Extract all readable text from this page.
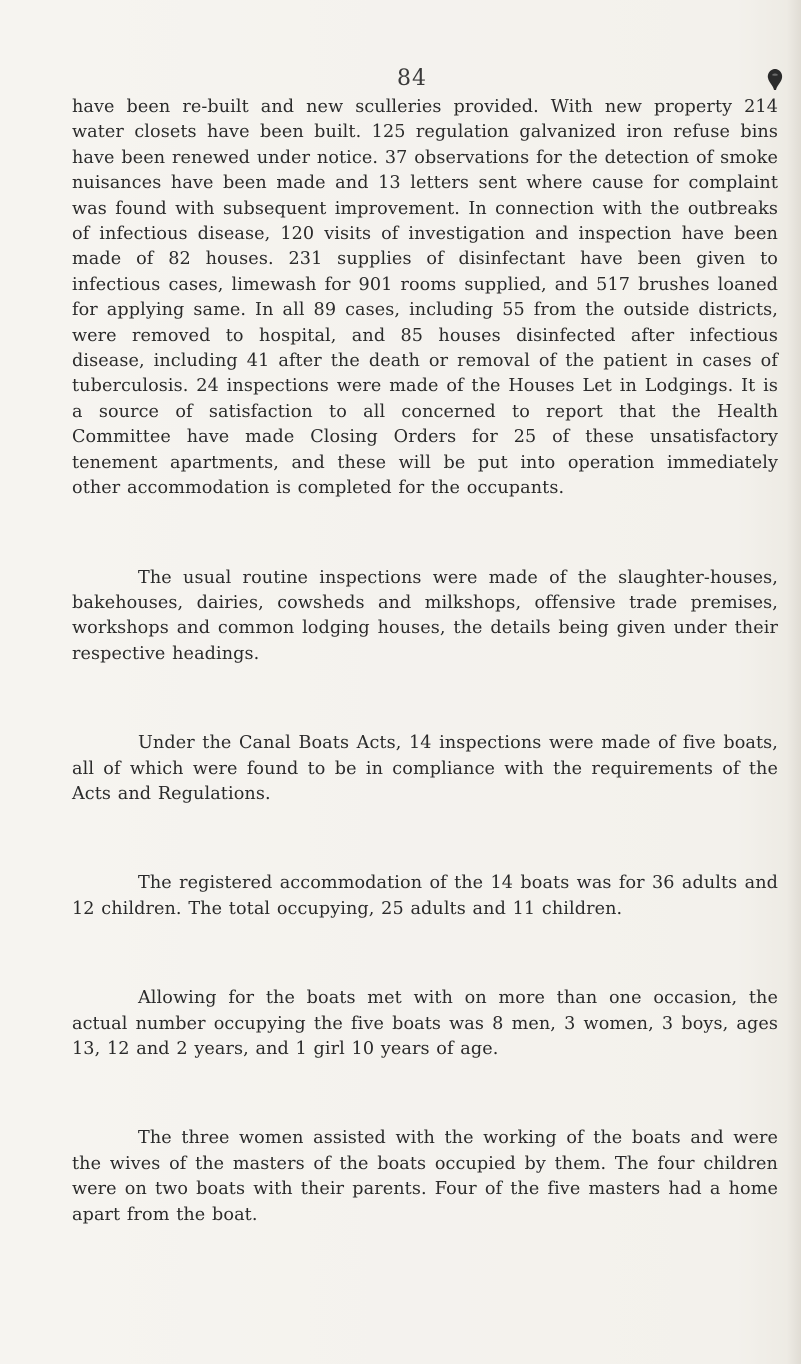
84

have been re-built and new sculleries provided. With new property 214 water closets have been built. 125 regulation galvanized iron refuse bins have been renewed under notice. 37 observations for the detection of smoke nuisances have been made and 13 letters sent where cause for complaint was found with subsequent improvement. In connection with the outbreaks of infectious disease, 120 visits of investigation and inspection have been made of 82 houses. 231 supplies of disinfectant have been given to infectious cases, limewash for 901 rooms supplied, and 517 brushes loaned for applying same. In all 89 cases, including 55 from the outside districts, were removed to hospital, and 85 houses disinfected after infectious disease, including 41 after the death or removal of the patient in cases of tuberculosis. 24 inspections were made of the Houses Let in Lodgings. It is a source of satisfaction to all concerned to report that the Health Committee have made Closing Orders for 25 of these unsatisfactory tenement apartments, and these will be put into operation immediately other accommodation is completed for the occupants.

The usual routine inspections were made of the slaughter-houses, bakehouses, dairies, cowsheds and milkshops, offensive trade premises, workshops and common lodging houses, the details being given under their respective headings.

Under the Canal Boats Acts, 14 inspections were made of five boats, all of which were found to be in compliance with the requirements of the Acts and Regulations.

The registered accommodation of the 14 boats was for 36 adults and 12 children. The total occupying, 25 adults and 11 children.

Allowing for the boats met with on more than one occasion, the actual number occupying the five boats was 8 men, 3 women, 3 boys, ages 13, 12 and 2 years, and 1 girl 10 years of age.

The three women assisted with the working of the boats and were the wives of the masters of the boats occupied by them. The four children were on two boats with their parents. Four of the five masters had a home apart from the boat.
